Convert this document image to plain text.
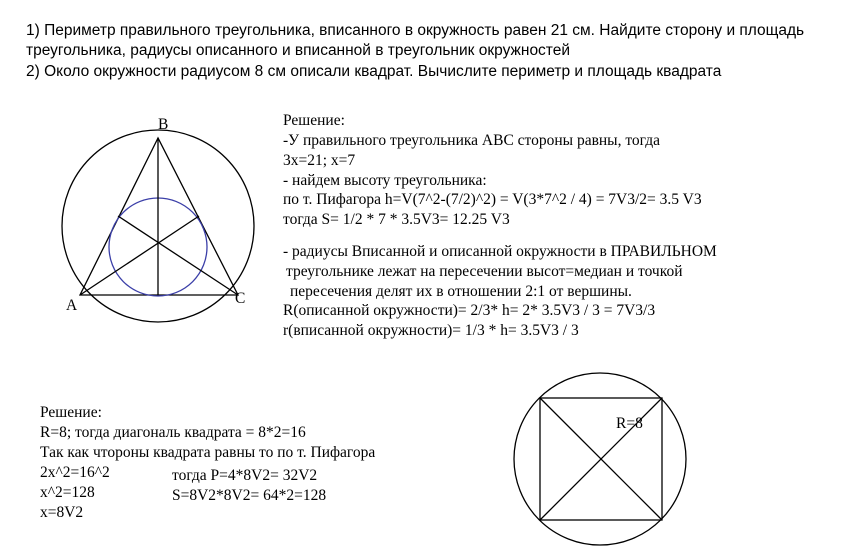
1) Периметр правильного треугольника, вписанного в окружность равен 21 см. Найдите сторону и площадь
треугольника, радиусы описанного и вписанной в треугольник окружностей
2) Около окружности радиусом 8 см описали квадрат. Вычислите периметр и площадь квадрата
B
A	C
Решение:
-У правильного треугольника АВС стороны равны, тогда
3x=21; x=7
- найдем высоту треугольника:
по т. Пифагора h=V(7^2-(7/2)^2) = V(3*7^2 / 4) = 7V3/2= 3.5 V3
тогда S= 1/2 * 7 * 3.5V3= 12.25 V3
- радиусы Вписанной и описанной окружности в ПРАВИЛЬНОМ
треугольнике лежат на пересечении высот=медиан и точкой
пересечения делят их в отношении 2:1 от вершины.
R(описанной окружности)= 2/3* h= 2* 3.5V3 / 3 = 7V3/3
r(вписанной окружности)= 1/3 * h= 3.5V3 / 3
Решение:
R=8; тогда диагональ квадрата = 8*2=16
Так как чтороны квадрата равны то по т. Пифагора
2x^2=16^2
x^2=128
x=8V2
тогда P=4*8V2= 32V2
S=8V2*8V2= 64*2=128
R=8
